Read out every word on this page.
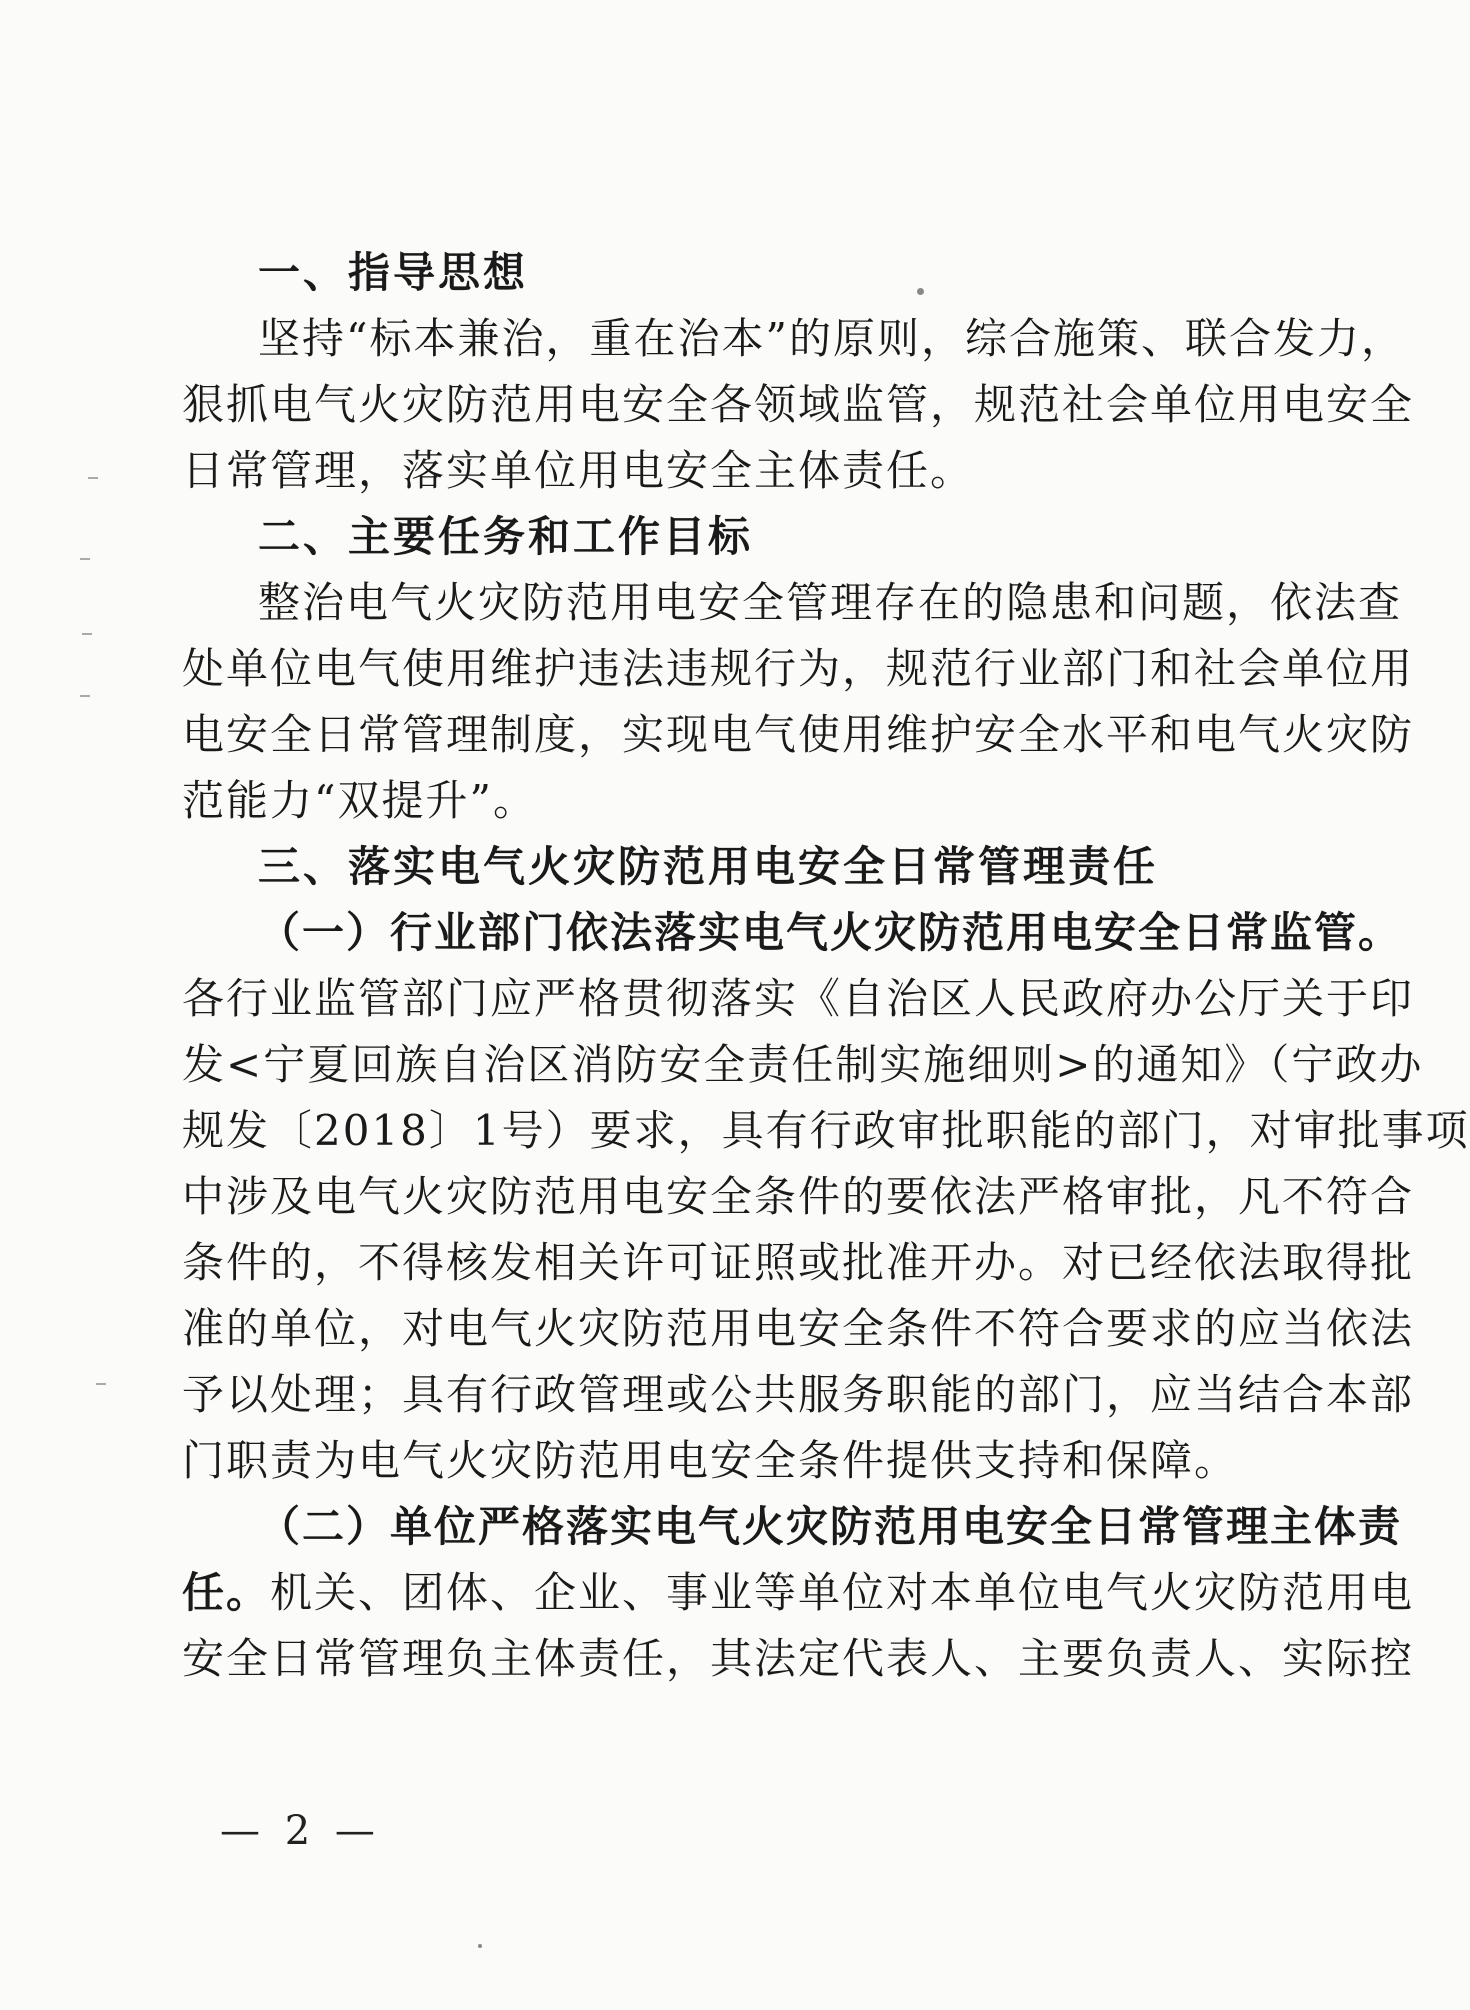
一、指导思想
坚持“标本兼治，重在治本”的原则，综合施策、联合发力，
狠抓电气火灾防范用电安全各领域监管，规范社会单位用电安全
日常管理，落实单位用电安全主体责任。
二、主要任务和工作目标
整治电气火灾防范用电安全管理存在的隐患和问题，依法查
处单位电气使用维护违法违规行为，规范行业部门和社会单位用
电安全日常管理制度，实现电气使用维护安全水平和电气火灾防
范能力“双提升”。
三、落实电气火灾防范用电安全日常管理责任
（一）行业部门依法落实电气火灾防范用电安全日常监管。
各行业监管部门应严格贯彻落实《自治区人民政府办公厅关于印
发<宁夏回族自治区消防安全责任制实施细则>的通知》（宁政办
规发〔2018〕1号）要求，具有行政审批职能的部门，对审批事项
中涉及电气火灾防范用电安全条件的要依法严格审批，凡不符合
条件的，不得核发相关许可证照或批准开办。对已经依法取得批
准的单位，对电气火灾防范用电安全条件不符合要求的应当依法
予以处理；具有行政管理或公共服务职能的部门，应当结合本部
门职责为电气火灾防范用电安全条件提供支持和保障。
（二）单位严格落实电气火灾防范用电安全日常管理主体责
任。机关、团体、企业、事业等单位对本单位电气火灾防范用电
安全日常管理负主体责任，其法定代表人、主要负责人、实际控
— 2 —
